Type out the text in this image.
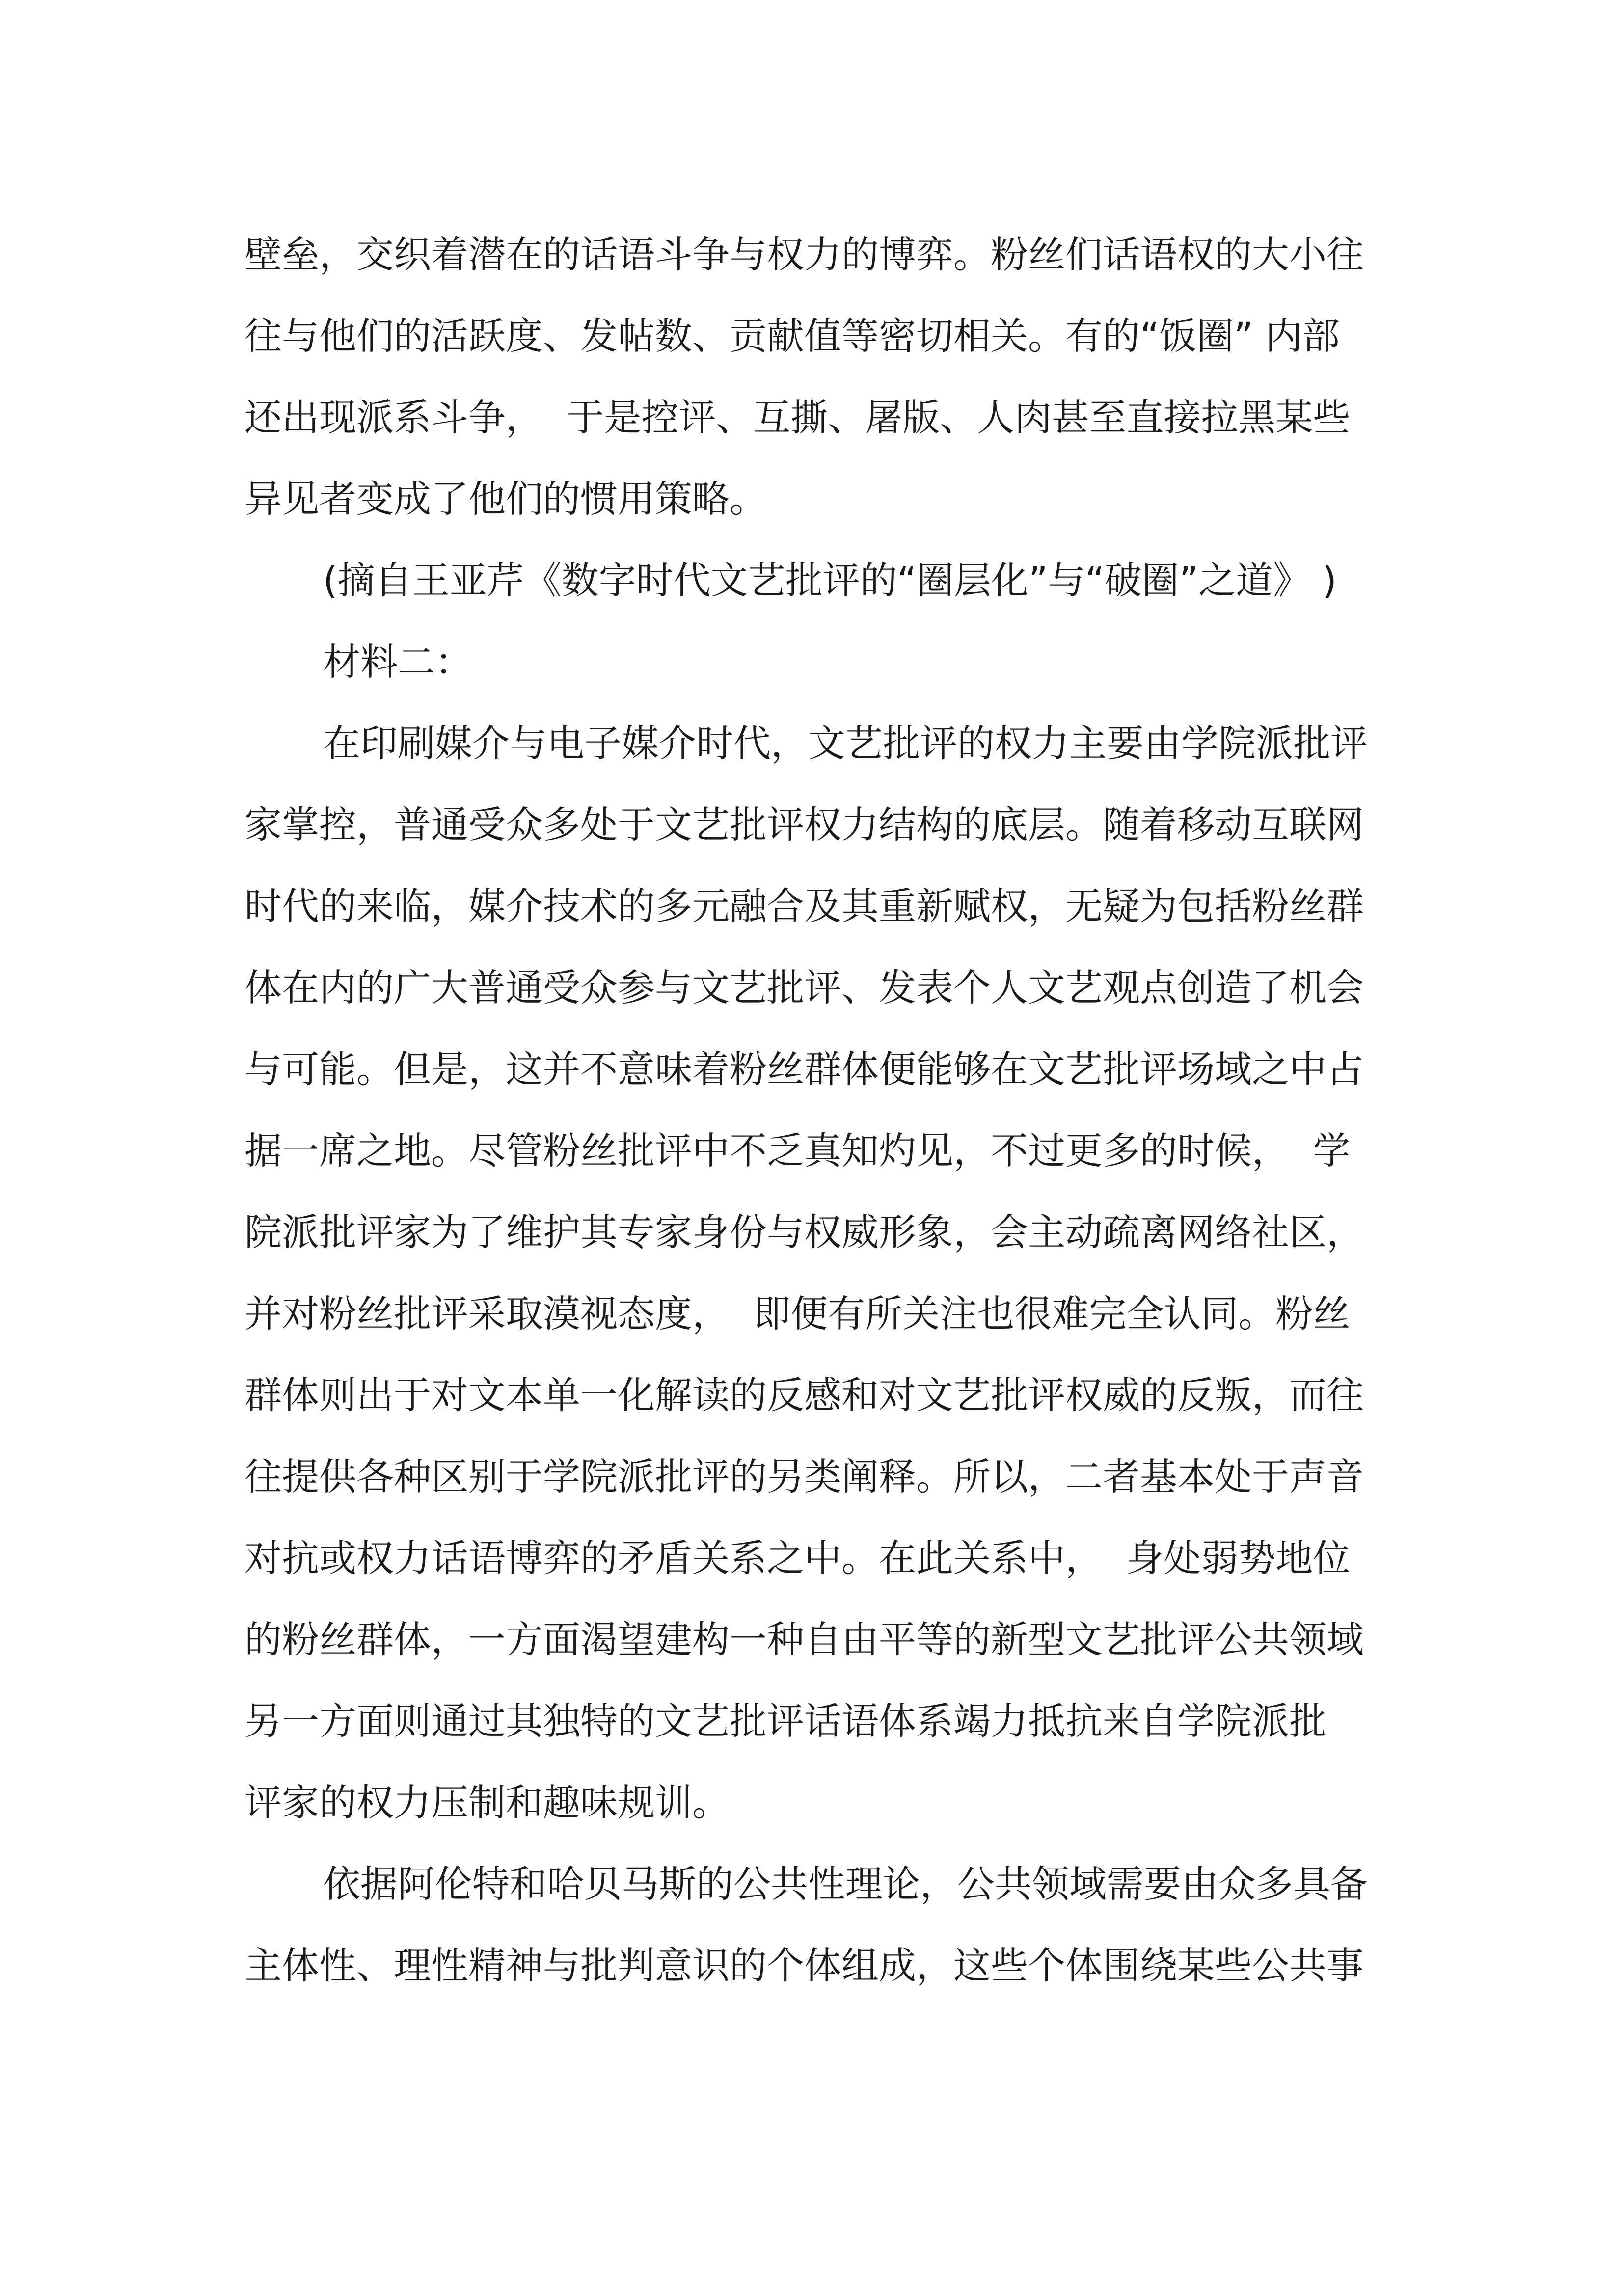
壁垒，交织着潜在的话语斗争与权力的博弈。粉丝们话语权的大小往
往与他们的活跃度、发帖数、贡献值等密切相关。有的“饭圈” 内部
还出现派系斗争，  于是控评、互撕、屠版、人肉甚至直接拉黑某些
异见者变成了他们的惯用策略。
(摘自王亚芹《数字时代文艺批评的“圈层化”与“破圈”之道》 )
材料二：
在印刷媒介与电子媒介时代，文艺批评的权力主要由学院派批评
家掌控，普通受众多处于文艺批评权力结构的底层。随着移动互联网
时代的来临，媒介技术的多元融合及其重新赋权，无疑为包括粉丝群
体在内的广大普通受众参与文艺批评、发表个人文艺观点创造了机会
与可能。但是，这并不意味着粉丝群体便能够在文艺批评场域之中占
据一席之地。尽管粉丝批评中不乏真知灼见，不过更多的时候，  学
院派批评家为了维护其专家身份与权威形象，会主动疏离网络社区，
并对粉丝批评采取漠视态度，  即便有所关注也很难完全认同。粉丝
群体则出于对文本单一化解读的反感和对文艺批评权威的反叛，而往
往提供各种区别于学院派批评的另类阐释。所以，二者基本处于声音
对抗或权力话语博弈的矛盾关系之中。在此关系中，  身处弱势地位
的粉丝群体，一方面渴望建构一种自由平等的新型文艺批评公共领域
另一方面则通过其独特的文艺批评话语体系竭力抵抗来自学院派批
评家的权力压制和趣味规训。
依据阿伦特和哈贝马斯的公共性理论，公共领域需要由众多具备
主体性、理性精神与批判意识的个体组成，这些个体围绕某些公共事
